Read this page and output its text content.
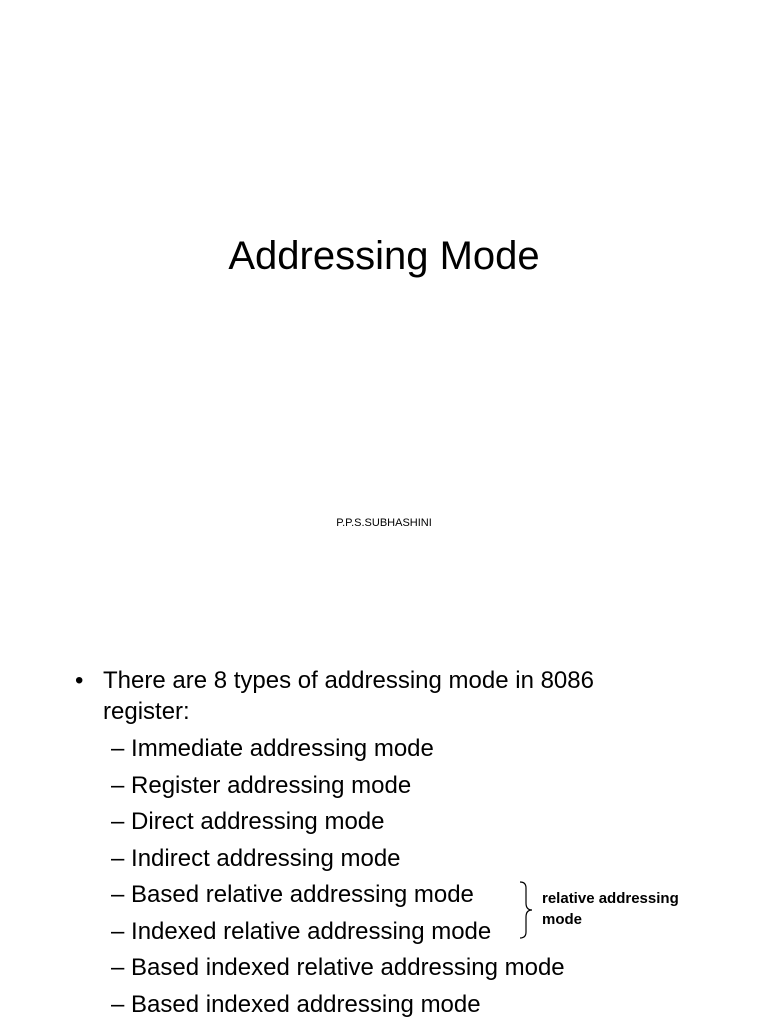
Addressing Mode
P.P.S.SUBHASHINI
• There are 8 types of addressing mode in 8086
register:
– Immediate addressing mode
– Register addressing mode
– Direct addressing mode
– Indirect addressing mode
– Based relative addressing mode
– Indexed relative addressing mode
– Based indexed relative addressing mode
– Based indexed addressing mode
relative addressing
mode
